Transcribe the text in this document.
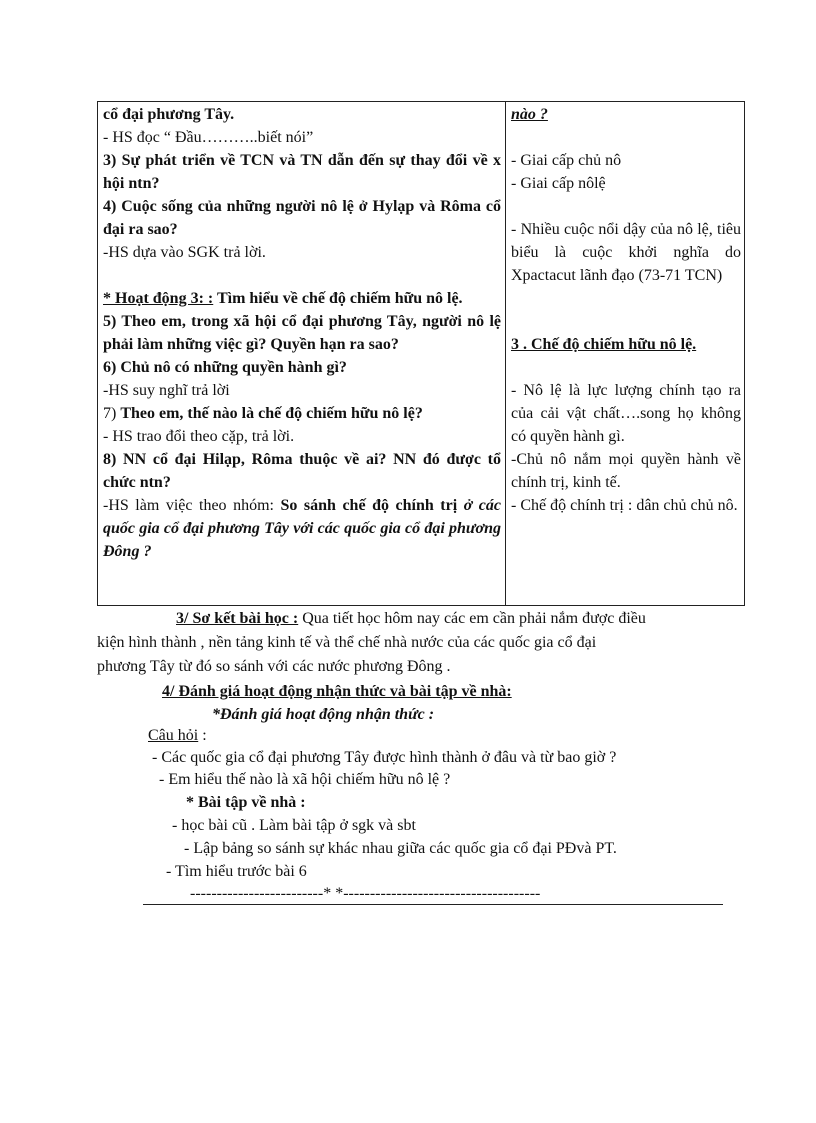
cổ đại phương Tây.
- HS đọc “ Đầu………..biết nói”
3) Sự phát triển về TCN và TN dẫn đến sự thay đổi về x hội ntn?
4) Cuộc sống của những người nô lệ ở Hylạp và Rôma cổ đại ra sao?
-HS dựa vào SGK trả lời.
* Hoạt động 3: : Tìm hiểu về chế độ chiếm hữu nô lệ.
5) Theo em, trong xã hội cổ đại phương Tây, người nô lệ phải làm những việc gì? Quyền hạn ra sao?
6) Chủ nô có những quyền hành gì?
-HS suy nghĩ trả lời
7) Theo em, thế nào là chế độ chiếm hữu nô lệ?
- HS trao đổi theo cặp, trả lời.
8) NN cổ đại Hilạp, Rôma thuộc về ai? NN đó được tổ chức ntn?
-HS làm việc theo nhóm: So sánh chế độ chính trị ở các quốc gia cổ đại phương Tây với các quốc gia cổ đại phương Đông ?
nào ?
- Giai cấp chủ nô
- Giai cấp nôlệ
- Nhiều cuộc nổi dậy của nô lệ, tiêu biểu là cuộc khởi nghĩa do Xpactacut lãnh đạo (73-71 TCN)
3 . Chế độ chiếm hữu nô lệ.
- Nô lệ là lực lượng chính tạo ra của cải vật chất….song họ không có quyền hành gì.
-Chủ nô nắm mọi quyền hành về chính trị, kinh tế.
- Chế độ chính trị : dân chủ chủ nô.
3/ Sơ kết bài học : Qua tiết học hôm nay các em cần phải nắm được điều
kiện hình thành , nền tảng kinh tế và thể chế nhà nước của các quốc gia cổ đại
phương Tây từ đó so sánh với các nước phương Đông .
4/ Đánh giá hoạt động nhận thức và bài tập về nhà:
*Đánh giá hoạt động nhận thức :
Câu hỏi :
- Các quốc gia cổ đại phương Tây được hình thành ở đâu và từ bao giờ ?
- Em hiểu thế nào là xã hội chiếm hữu nô lệ ?
* Bài tập về nhà :
- học bài cũ . Làm bài tập ở sgk và sbt
- Lập bảng so sánh sự khác nhau giữa các quốc gia cổ đại PĐvà PT.
- Tìm hiểu trước bài 6
-------------------------* *-------------------------------------
